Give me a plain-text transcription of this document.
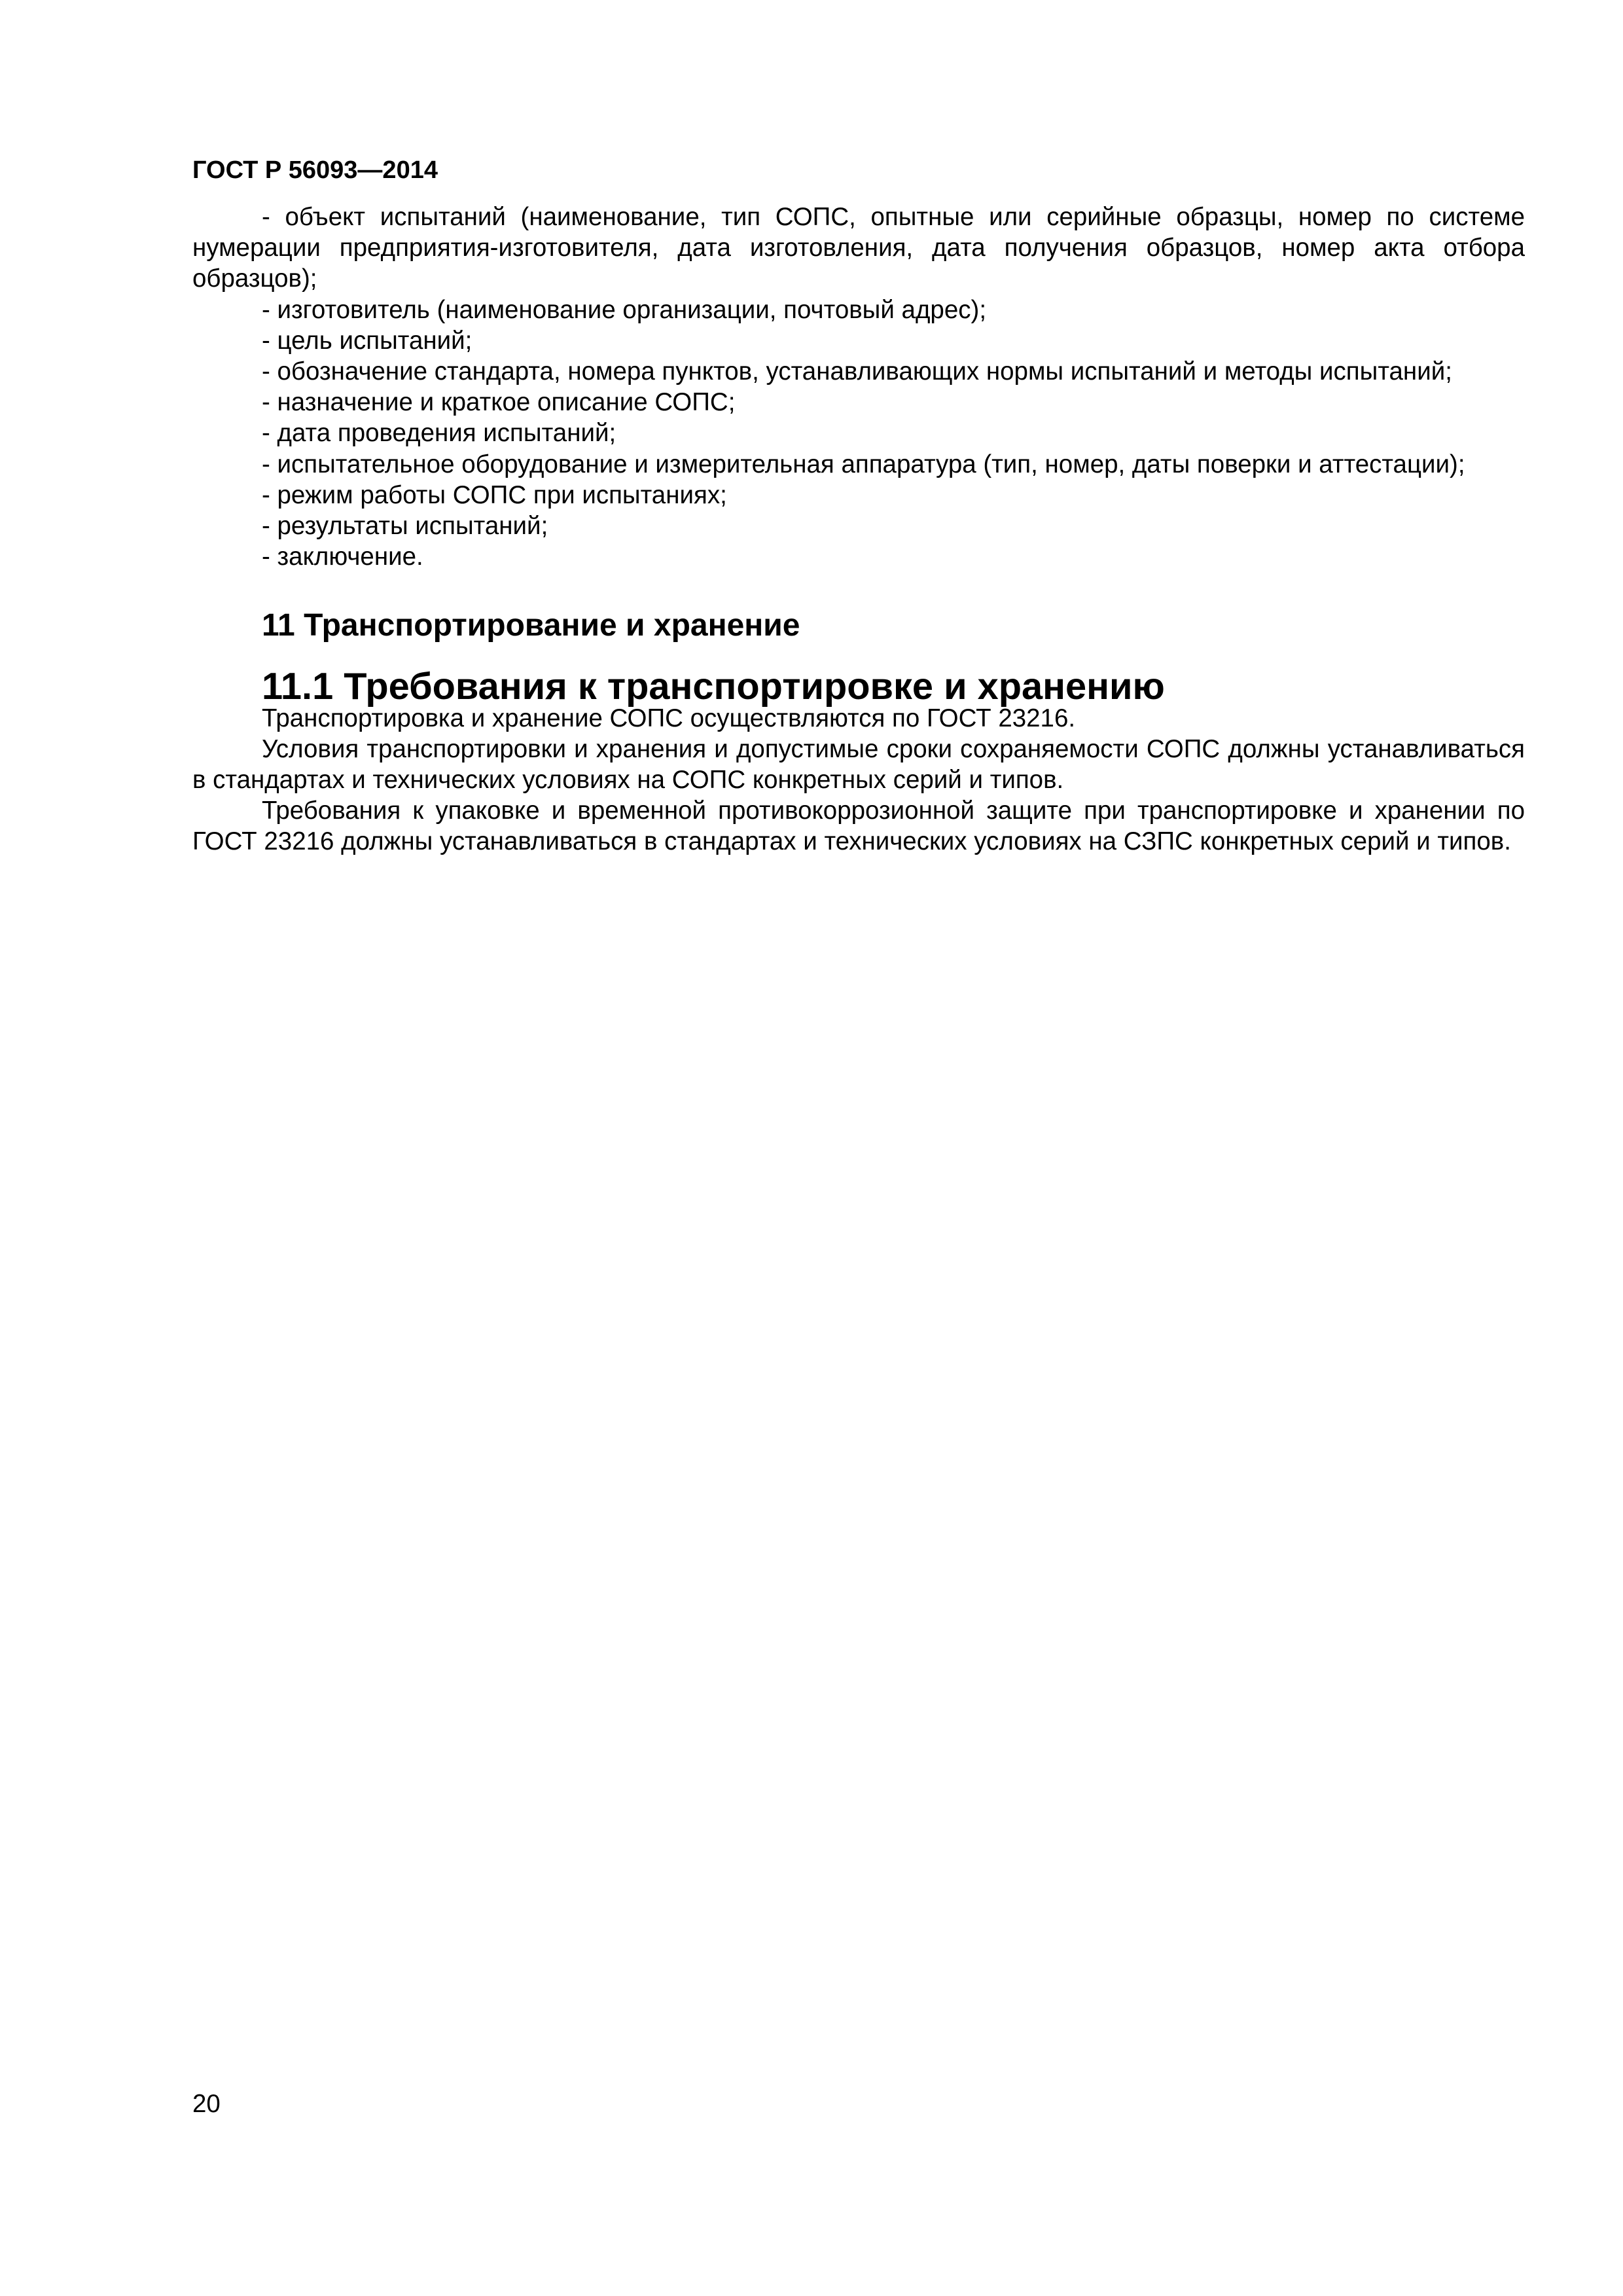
ГОСТ Р 56093—2014

- объект испытаний (наименование, тип СОПС, опытные или серийные образцы, номер по системе нумерации предприятия-изготовителя, дата изготовления, дата получения образцов, номер акта отбора образцов);

- изготовитель (наименование организации, почтовый адрес);

- цель испытаний;

- обозначение стандарта, номера пунктов, устанавливающих нормы испытаний и методы испытаний;

- назначение и краткое описание СОПС;

- дата проведения испытаний;

- испытательное оборудование и измерительная аппаратура (тип, номер, даты поверки и аттестации);

- режим работы СОПС при испытаниях;

- результаты испытаний;

- заключение.

11 Транспортирование и хранение
11.1 Требования к транспортировке и хранению

Транспортировка и хранение СОПС осуществляются по ГОСТ 23216.

Условия транспортировки и хранения и допустимые сроки сохраняемости СОПС должны устанавливаться в стандартах и технических условиях на СОПС конкретных серий и типов.

Требования к упаковке и временной противокоррозионной защите при транспортировке и хранении по ГОСТ 23216 должны устанавливаться в стандартах и технических условиях на СЗПС конкретных серий и типов.

20
